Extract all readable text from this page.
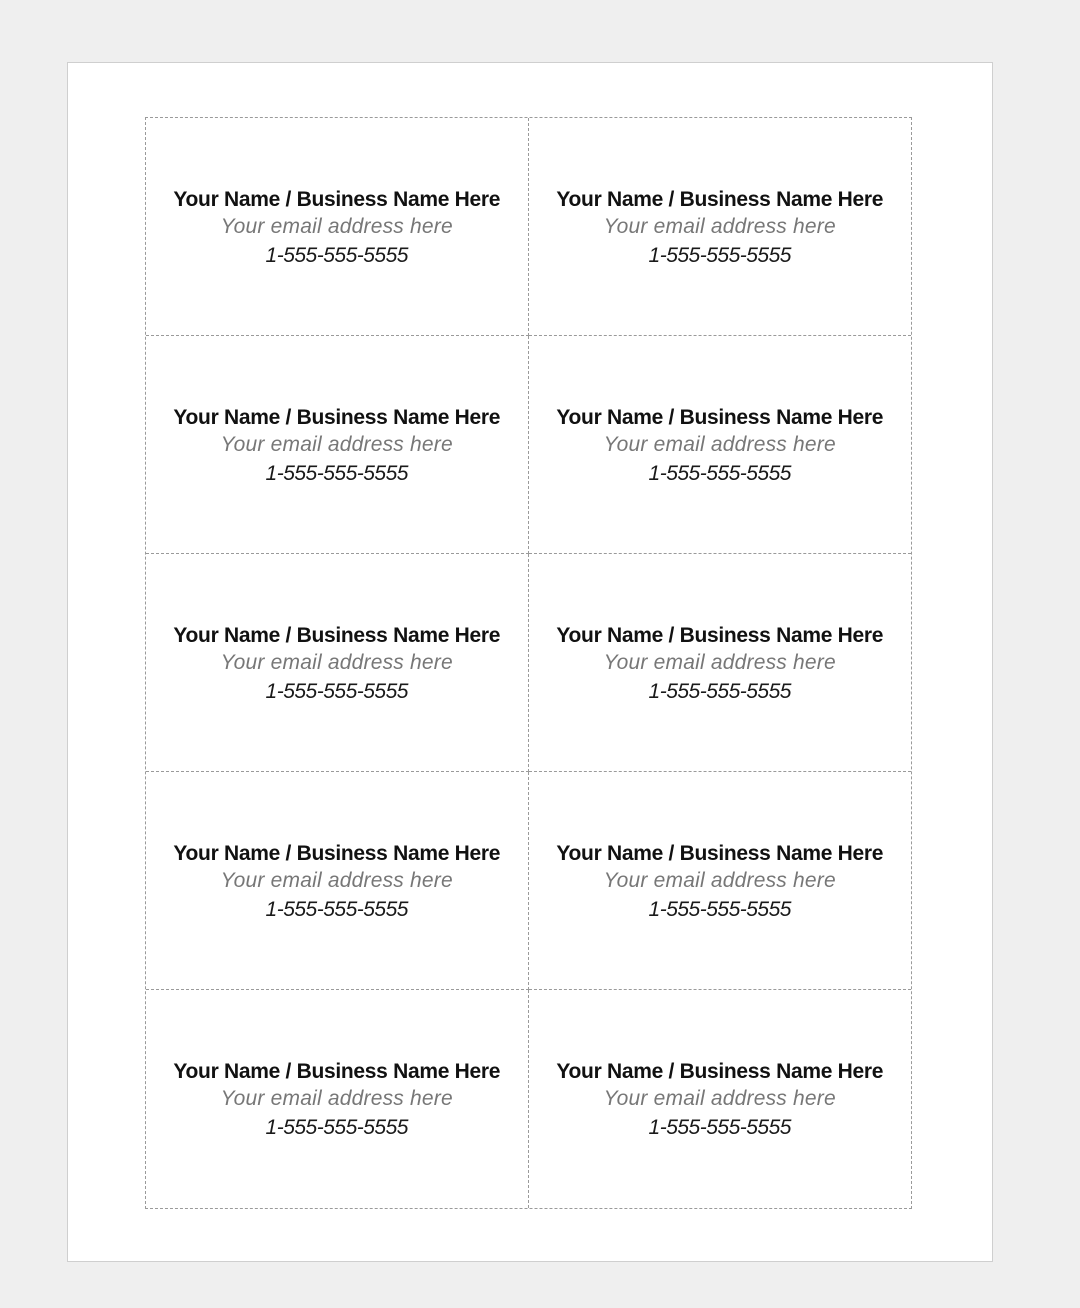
Your Name / Business Name Here
Your email address here
1-555-555-5555
Your Name / Business Name Here
Your email address here
1-555-555-5555
Your Name / Business Name Here
Your email address here
1-555-555-5555
Your Name / Business Name Here
Your email address here
1-555-555-5555
Your Name / Business Name Here
Your email address here
1-555-555-5555
Your Name / Business Name Here
Your email address here
1-555-555-5555
Your Name / Business Name Here
Your email address here
1-555-555-5555
Your Name / Business Name Here
Your email address here
1-555-555-5555
Your Name / Business Name Here
Your email address here
1-555-555-5555
Your Name / Business Name Here
Your email address here
1-555-555-5555
